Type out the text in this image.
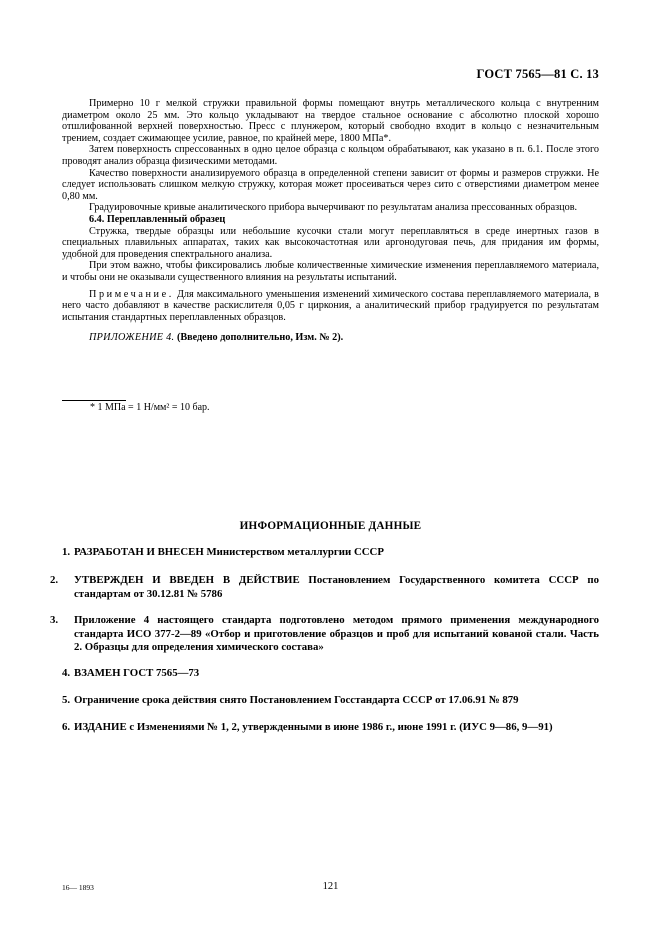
ГОСТ 7565—81 С. 13

Примерно 10 г мелкой стружки правильной формы помещают внутрь металлического кольца с внутренним диаметром около 25 мм. Это кольцо укладывают на твердое стальное основание с абсолютно плоской хорошо отшлифованной верхней поверхностью. Пресс с плунжером, который свободно входит в кольцо с незначительным трением, создает сжимающее усилие, равное, по крайней мере, 1800 МПа*.

Затем поверхность спрессованных в одно целое образца с кольцом обрабатывают, как указано в п. 6.1. После этого проводят анализ образца физическими методами.

Качество поверхности анализируемого образца в определенной степени зависит от формы и размеров стружки. Не следует использовать слишком мелкую стружку, которая может просеиваться через сито с отверстиями диаметром менее 0,80 мм.

Градуировочные кривые аналитического прибора вычерчивают по результатам анализа прессованных образцов.

6.4. Переплавленный образец

Стружка, твердые образцы или небольшие кусочки стали могут переплавляться в среде инертных газов в специальных плавильных аппаратах, таких как высокочастотная или аргонодуговая печь, для придания им формы, удобной для проведения спектрального анализа.

При этом важно, чтобы фиксировались любые количественные химические изменения переплавляемого материала, и чтобы они не оказывали существенного влияния на результаты испытаний.

Примечание. Для максимального уменьшения изменений химического состава переплавляемого материала, в него часто добавляют в качестве раскислителя 0,05 г циркония, а аналитический прибор градуируется по результатам испытания стандартных переплавленных образцов.

ПРИЛОЖЕНИЕ 4. (Введено дополнительно, Изм. № 2).

* 1 МПа = 1 Н/мм² = 10 бар.
ИНФОРМАЦИОННЫЕ ДАННЫЕ
1. РАЗРАБОТАН И ВНЕСЕН Министерством металлургии СССР
2. УТВЕРЖДЕН И ВВЕДЕН В ДЕЙСТВИЕ Постановлением Государственного комитета СССР по стандартам от 30.12.81 № 5786
3. Приложение 4 настоящего стандарта подготовлено методом прямого применения международного стандарта ИСО 377-2—89 «Отбор и приготовление образцов и проб для испытаний кованой стали. Часть 2. Образцы для определения химического состава»
4. ВЗАМЕН ГОСТ 7565—73
5. Ограничение срока действия снято Постановлением Госстандарта СССР от 17.06.91 № 879
6. ИЗДАНИЕ с Изменениями № 1, 2, утвержденными в июне 1986 г., июне 1991 г. (ИУС 9—86, 9—91)
16— 1893	121
